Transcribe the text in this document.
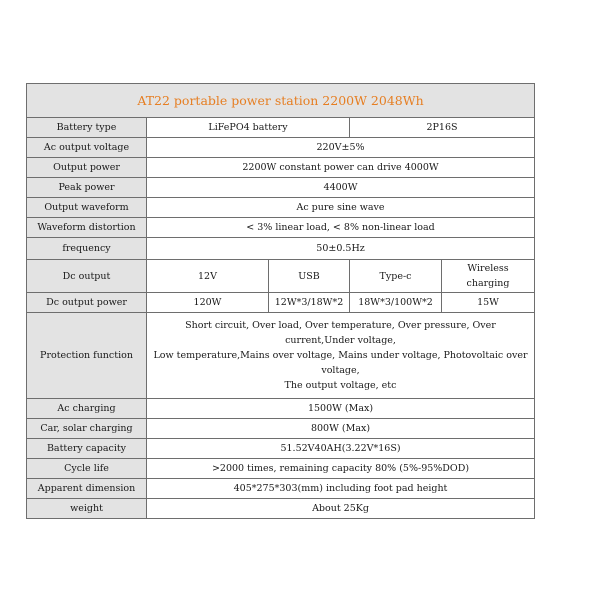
AT22 portable power station 2200W 2048Wh				
Battery type	LiFePO4 battery		2P16S	
Ac output voltage	220V±5%			
Output power	2200W constant power can drive 4000W			
Peak power	4400W			
Output waveform	Ac pure sine wave			
Waveform distortion	< 3% linear load, < 8% non-linear load			
frequency	50±0.5Hz			
Dc output	12V	USB	Type-c	Wireless charging
Dc output power	120W	12W*3/18W*2	18W*3/100W*2	15W
Protection function	Short circuit, Over load, Over temperature, Over pressure, Over
current,Under voltage,
Low temperature,Mains over voltage, Mains under voltage, Photovoltaic over
voltage,
The output voltage, etc			

Ac charging	1500W (Max)			
Car, solar charging	800W (Max)			
Battery capacity	51.52V40AH(3.22V*16S)			
Cycle life	>2000 times, remaining capacity 80% (5%-95%DOD)			
Apparent dimension	405*275*303(mm) including foot pad height			
weight	About 25Kg			
